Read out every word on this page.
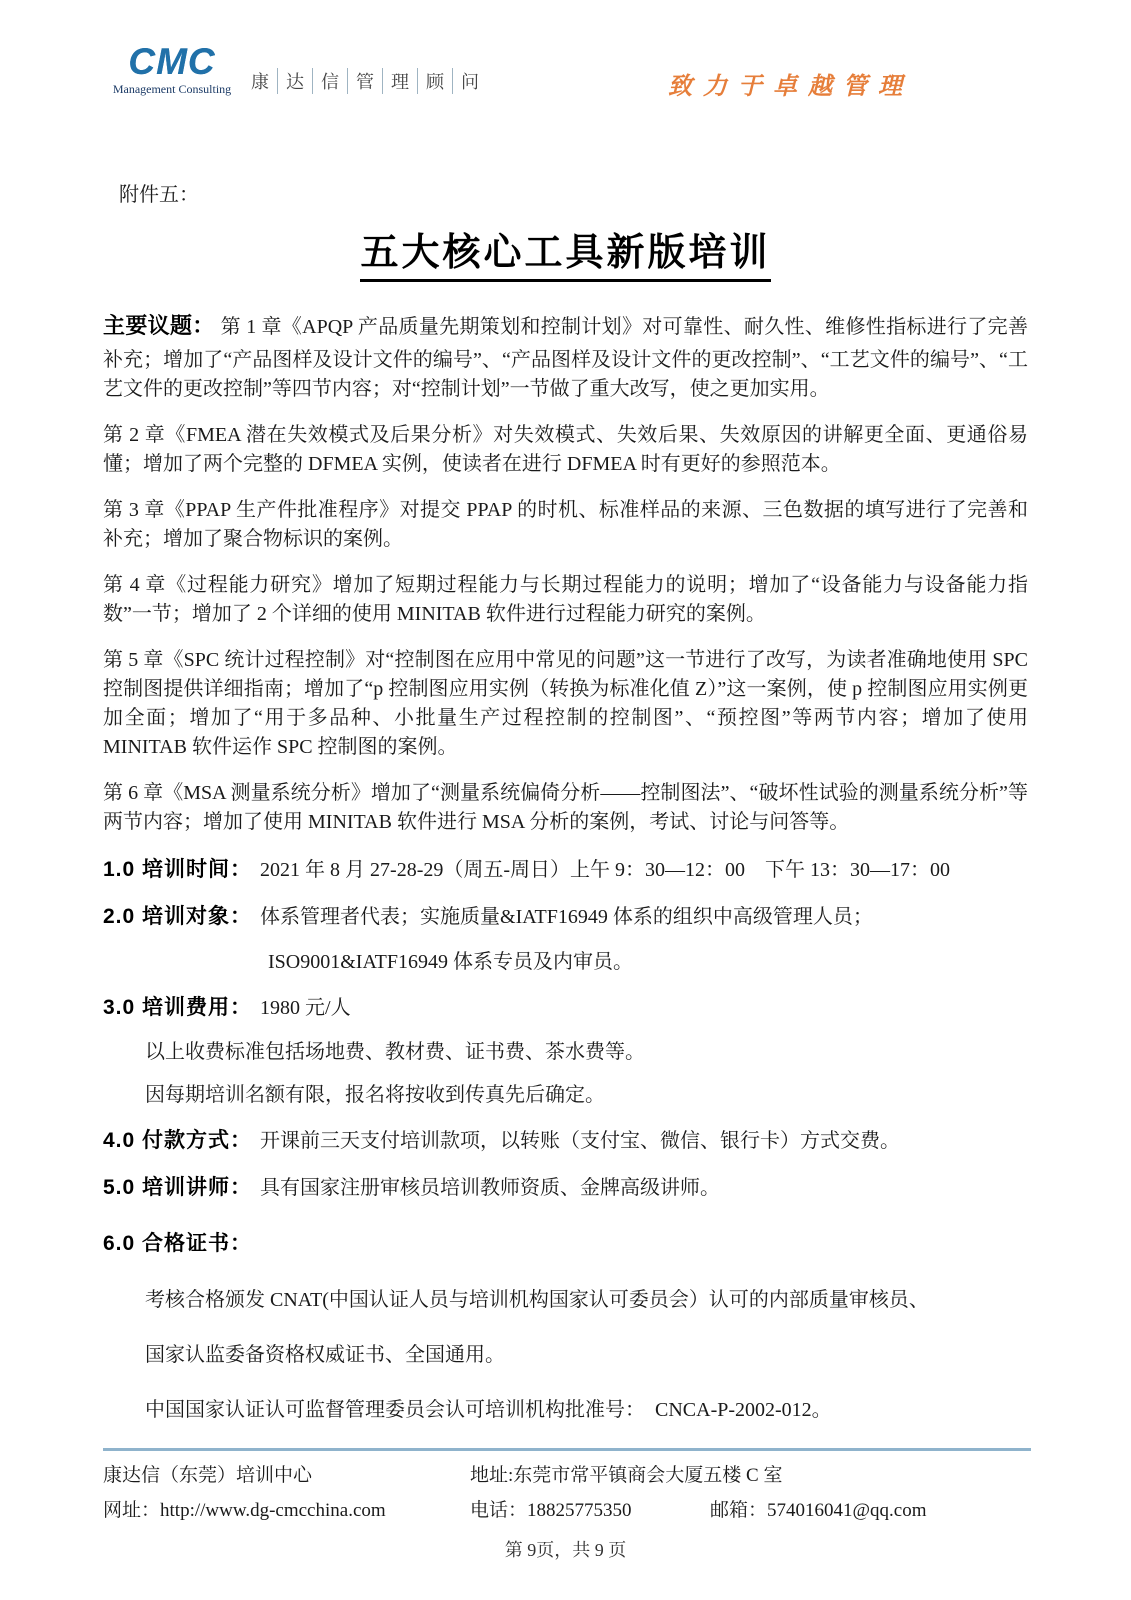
CMC
Management Consulting	康 达 信 管 理 顾 问	致力于卓越管理
附件五：
五大核心工具新版培训

主要议题： 第 1 章《APQP 产品质量先期策划和控制计划》对可靠性、耐久性、维修性指标进行了完善补充；增加了“产品图样及设计文件的编号”、“产品图样及设计文件的更改控制”、“工艺文件的编号”、“工艺文件的更改控制”等四节内容；对“控制计划”一节做了重大改写，使之更加实用。

第 2 章《FMEA 潜在失效模式及后果分析》对失效模式、失效后果、失效原因的讲解更全面、更通俗易懂；增加了两个完整的 DFMEA 实例，使读者在进行 DFMEA 时有更好的参照范本。

第 3 章《PPAP 生产件批准程序》对提交 PPAP 的时机、标准样品的来源、三色数据的填写进行了完善和补充；增加了聚合物标识的案例。

第 4 章《过程能力研究》增加了短期过程能力与长期过程能力的说明；增加了“设备能力与设备能力指数”一节；增加了 2 个详细的使用 MINITAB 软件进行过程能力研究的案例。

第 5 章《SPC 统计过程控制》对“控制图在应用中常见的问题”这一节进行了改写，为读者准确地使用 SPC 控制图提供详细指南；增加了“p 控制图应用实例（转换为标准化值 Z）”这一案例，使 p 控制图应用实例更加全面；增加了“用于多品种、小批量生产过程控制的控制图”、“预控图”等两节内容；增加了使用 MINITAB 软件运作 SPC 控制图的案例。

第 6 章《MSA 测量系统分析》增加了“测量系统偏倚分析——控制图法”、“破坏性试验的测量系统分析”等两节内容；增加了使用 MINITAB 软件进行 MSA 分析的案例，考试、讨论与问答等。

1.0 培训时间： 2021 年 8 月 27-28-29（周五-周日）上午 9：30—12：00　下午 13：30—17：00

2.0 培训对象： 体系管理者代表；实施质量&IATF16949 体系的组织中高级管理人员；

ISO9001&IATF16949 体系专员及内审员。

3.0 培训费用： 1980 元/人

以上收费标准包括场地费、教材费、证书费、茶水费等。

因每期培训名额有限，报名将按收到传真先后确定。

4.0 付款方式： 开课前三天支付培训款项，以转账（支付宝、微信、银行卡）方式交费。

5.0 培训讲师： 具有国家注册审核员培训教师资质、金牌高级讲师。

6.0 合格证书：

考核合格颁发 CNAT(中国认证人员与培训机构国家认可委员会）认可的内部质量审核员、

国家认监委备资格权威证书、全国通用。

中国国家认证认可监督管理委员会认可培训机构批准号：　CNCA-P-2002-012。

康达信（东莞）培训中心	地址:东莞市常平镇商会大厦五楼 C 室
网址：http://www.dg-cmcchina.com	电话：18825775350	邮箱：574016041@qq.com
第 9页，共 9 页
